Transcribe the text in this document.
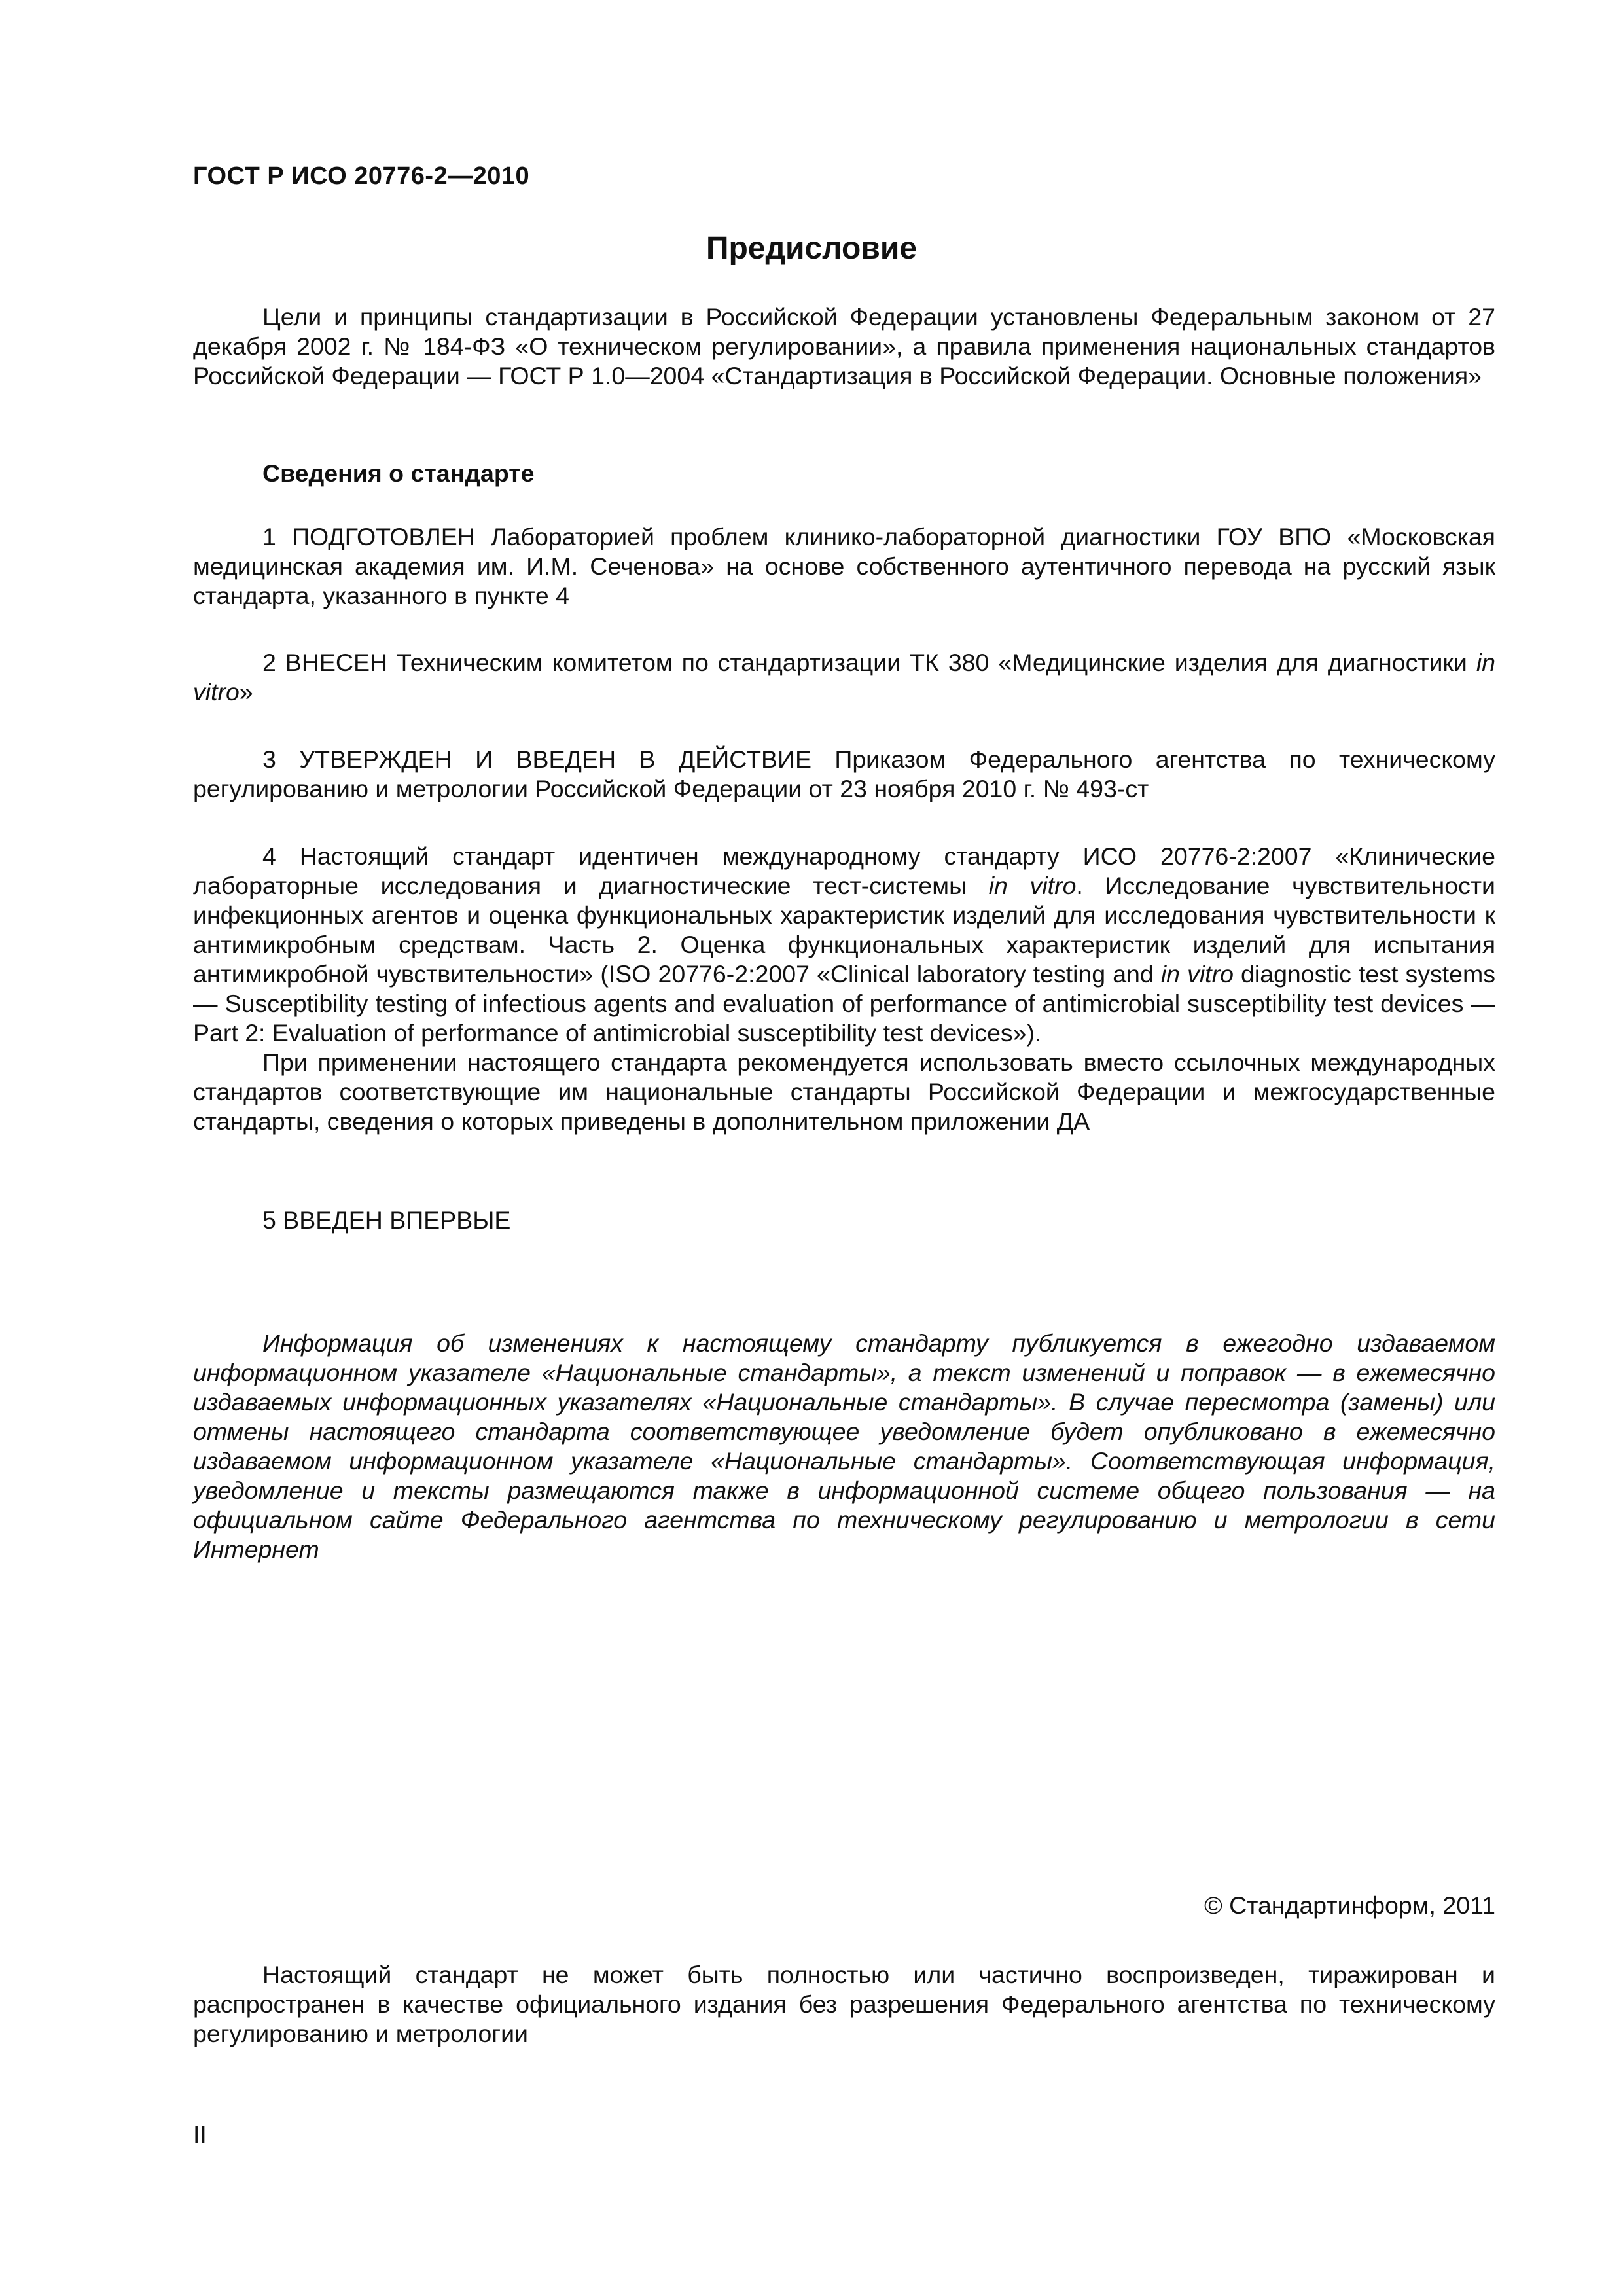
ГОСТ Р ИСО 20776-2—2010
Предисловие

Цели и принципы стандартизации в Российской Федерации установлены Федеральным законом от 27 декабря 2002 г. № 184-ФЗ «О техническом регулировании», а правила применения национальных стандартов Российской Федерации — ГОСТ Р 1.0—2004 «Стандартизация в Российской Федерации. Основные положения»

Сведения о стандарте

1 ПОДГОТОВЛЕН Лабораторией проблем клинико-лабораторной диагностики ГОУ ВПО «Московская медицинская академия им. И.М. Сеченова» на основе собственного аутентичного перевода на русский язык стандарта, указанного в пункте 4

2 ВНЕСЕН Техническим комитетом по стандартизации ТК 380 «Медицинские изделия для диагностики in vitro»

3 УТВЕРЖДЕН И ВВЕДЕН В ДЕЙСТВИЕ Приказом Федерального агентства по техническому регулированию и метрологии Российской Федерации от 23 ноября 2010 г. № 493-ст

4 Настоящий стандарт идентичен международному стандарту ИСО 20776-2:2007 «Клинические лабораторные исследования и диагностические тест-системы in vitro. Исследование чувствительности инфекционных агентов и оценка функциональных характеристик изделий для исследования чувствительности к антимикробным средствам. Часть 2. Оценка функциональных характеристик изделий для испытания антимикробной чувствительности» (ISO 20776-2:2007 «Clinical laboratory testing and in vitro diagnostic test systems — Susceptibility testing of infectious agents and evaluation of performance of antimicrobial susceptibility test devices — Part 2: Evaluation of performance of antimicrobial susceptibility test devices»).

При применении настоящего стандарта рекомендуется использовать вместо ссылочных международных стандартов соответствующие им национальные стандарты Российской Федерации и межгосударственные стандарты, сведения о которых приведены в дополнительном приложении ДА

5 ВВЕДЕН ВПЕРВЫЕ

Информация об изменениях к настоящему стандарту публикуется в ежегодно издаваемом информационном указателе «Национальные стандарты», а текст изменений и поправок — в ежемесячно издаваемых информационных указателях «Национальные стандарты». В случае пересмотра (замены) или отмены настоящего стандарта соответствующее уведомление будет опубликовано в ежемесячно издаваемом информационном указателе «Национальные стандарты». Соответствующая информация, уведомление и тексты размещаются также в информационной системе общего пользования — на официальном сайте Федерального агентства по техническому регулированию и метрологии в сети Интернет

© Стандартинформ, 2011

Настоящий стандарт не может быть полностью или частично воспроизведен, тиражирован и распространен в качестве официального издания без разрешения Федерального агентства по техническому регулированию и метрологии

II
